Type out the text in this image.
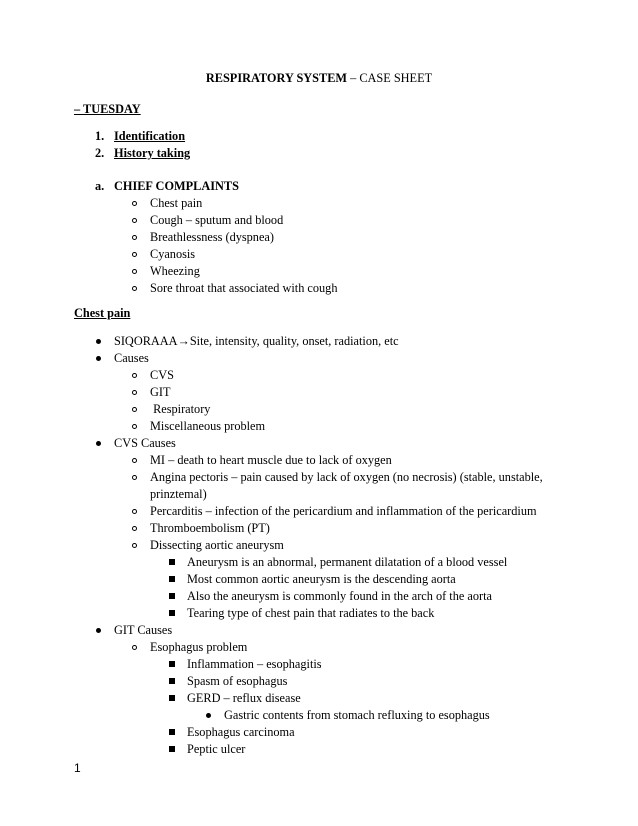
RESPIRATORY SYSTEM – CASE SHEET
– TUESDAY
1. Identification
2. History taking
a. CHIEF COMPLAINTS
Chest pain
Cough – sputum and blood
Breathlessness (dyspnea)
Cyanosis
Wheezing
Sore throat that associated with cough
Chest pain
SIQORAAA→Site, intensity, quality, onset, radiation, etc
Causes
CVS
GIT
Respiratory
Miscellaneous problem
CVS Causes
MI – death to heart muscle due to lack of oxygen
Angina pectoris – pain caused by lack of oxygen (no necrosis) (stable, unstable,
prinztemal)
Percarditis – infection of the pericardium and inflammation of the pericardium
Thromboembolism (PT)
Dissecting aortic aneurysm
Aneurysm is an abnormal, permanent dilatation of a blood vessel
Most common aortic aneurysm is the descending aorta
Also the aneurysm is commonly found in the arch of the aorta
Tearing type of chest pain that radiates to the back
GIT Causes
Esophagus problem
Inflammation – esophagitis
Spasm of esophagus
GERD – reflux disease
Gastric contents from stomach refluxing to esophagus
Esophagus carcinoma
Peptic ulcer
1
